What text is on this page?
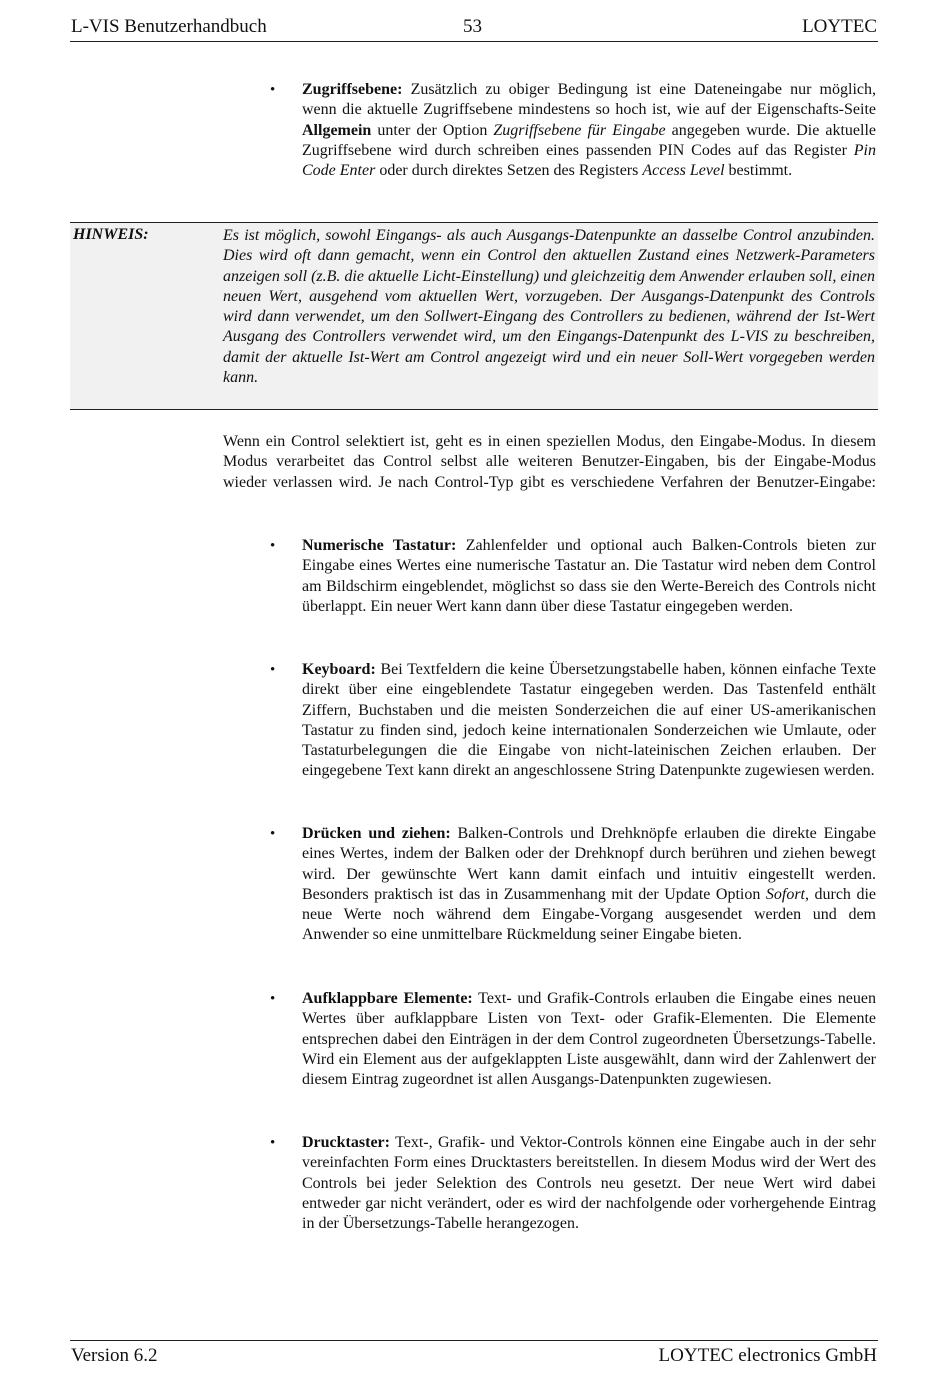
L-VIS Benutzerhandbuch	53	LOYTEC
• Zugriffsebene: Zusätzlich zu obiger Bedingung ist eine Dateneingabe nur möglich, wenn die aktuelle Zugriffsebene mindestens so hoch ist, wie auf der Eigenschafts-Seite Allgemein unter der Option Zugriffsebene für Eingabe angegeben wurde. Die aktuelle Zugriffsebene wird durch schreiben eines passenden PIN Codes auf das Register Pin Code Enter oder durch direktes Setzen des Registers Access Level bestimmt.

HINWEIS:	Es ist möglich, sowohl Eingangs- als auch Ausgangs-Datenpunkte an dasselbe Control anzubinden. Dies wird oft dann gemacht, wenn ein Control den aktuellen Zustand eines Netzwerk-Parameters anzeigen soll (z.B. die aktuelle Licht-Einstellung) und gleichzeitig dem Anwender erlauben soll, einen neuen Wert, ausgehend vom aktuellen Wert, vorzugeben. Der Ausgangs-Datenpunkt des Controls wird dann verwendet, um den Sollwert-Eingang des Controllers zu bedienen, während der Ist-Wert Ausgang des Controllers verwendet wird, um den Eingangs-Datenpunkt des L-VIS zu beschreiben, damit der aktuelle Ist-Wert am Control angezeigt wird und ein neuer Soll-Wert vorgegeben werden kann.

Wenn ein Control selektiert ist, geht es in einen speziellen Modus, den Eingabe-Modus. In diesem Modus verarbeitet das Control selbst alle weiteren Benutzer-Eingaben, bis der Eingabe-Modus wieder verlassen wird. Je nach Control-Typ gibt es verschiedene Verfahren der Benutzer-Eingabe:

• Numerische Tastatur: Zahlenfelder und optional auch Balken-Controls bieten zur Eingabe eines Wertes eine numerische Tastatur an. Die Tastatur wird neben dem Control am Bildschirm eingeblendet, möglichst so dass sie den Werte-Bereich des Controls nicht überlappt. Ein neuer Wert kann dann über diese Tastatur eingegeben werden.

• Keyboard: Bei Textfeldern die keine Übersetzungstabelle haben, können einfache Texte direkt über eine eingeblendete Tastatur eingegeben werden. Das Tastenfeld enthält Ziffern, Buchstaben und die meisten Sonderzeichen die auf einer US-amerikanischen Tastatur zu finden sind, jedoch keine internationalen Sonderzeichen wie Umlaute, oder Tastaturbelegungen die die Eingabe von nicht-lateinischen Zeichen erlauben. Der eingegebene Text kann direkt an angeschlossene String Datenpunkte zugewiesen werden.

• Drücken und ziehen: Balken-Controls und Drehknöpfe erlauben die direkte Eingabe eines Wertes, indem der Balken oder der Drehknopf durch berühren und ziehen bewegt wird. Der gewünschte Wert kann damit einfach und intuitiv eingestellt werden. Besonders praktisch ist das in Zusammenhang mit der Update Option Sofort, durch die neue Werte noch während dem Eingabe-Vorgang ausgesendet werden und dem Anwender so eine unmittelbare Rückmeldung seiner Eingabe bieten.

• Aufklappbare Elemente: Text- und Grafik-Controls erlauben die Eingabe eines neuen Wertes über aufklappbare Listen von Text- oder Grafik-Elementen. Die Elemente entsprechen dabei den Einträgen in der dem Control zugeordneten Übersetzungs-Tabelle. Wird ein Element aus der aufgeklappten Liste ausgewählt, dann wird der Zahlenwert der diesem Eintrag zugeordnet ist allen Ausgangs-Datenpunkten zugewiesen.

• Drucktaster: Text-, Grafik- und Vektor-Controls können eine Eingabe auch in der sehr vereinfachten Form eines Drucktasters bereitstellen. In diesem Modus wird der Wert des Controls bei jeder Selektion des Controls neu gesetzt. Der neue Wert wird dabei entweder gar nicht verändert, oder es wird der nachfolgende oder vorhergehende Eintrag in der Übersetzungs-Tabelle herangezogen.

Version 6.2	LOYTEC electronics GmbH
